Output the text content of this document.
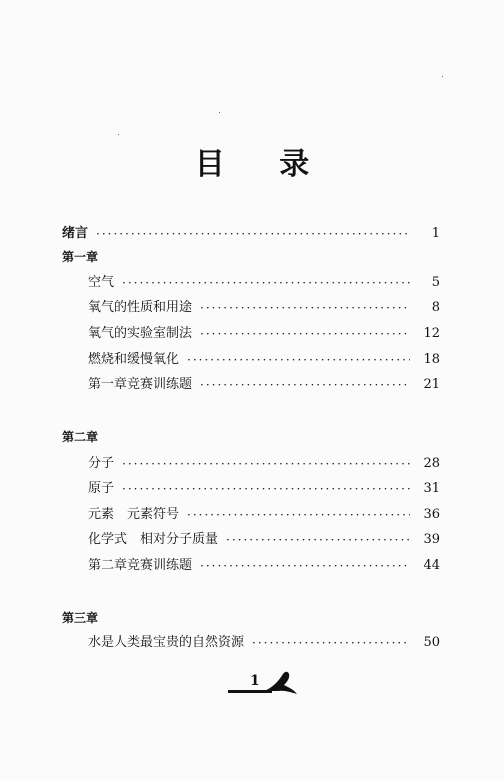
目 录
绪言 ·····	1
第一章
空气 ·····	5
氧气的性质和用途 ·····	8
氧气的实验室制法 ·····	12
燃烧和缓慢氧化 ·····	18
第一章竞赛训练题 ·····	21
第二章
分子 ·····	28
原子 ·····	31
元素　元素符号 ·····	36
化学式　相对分子质量 ·····	39
第二章竞赛训练题 ·····	44
第三章
水是人类最宝贵的自然资源 ·····	50
1
